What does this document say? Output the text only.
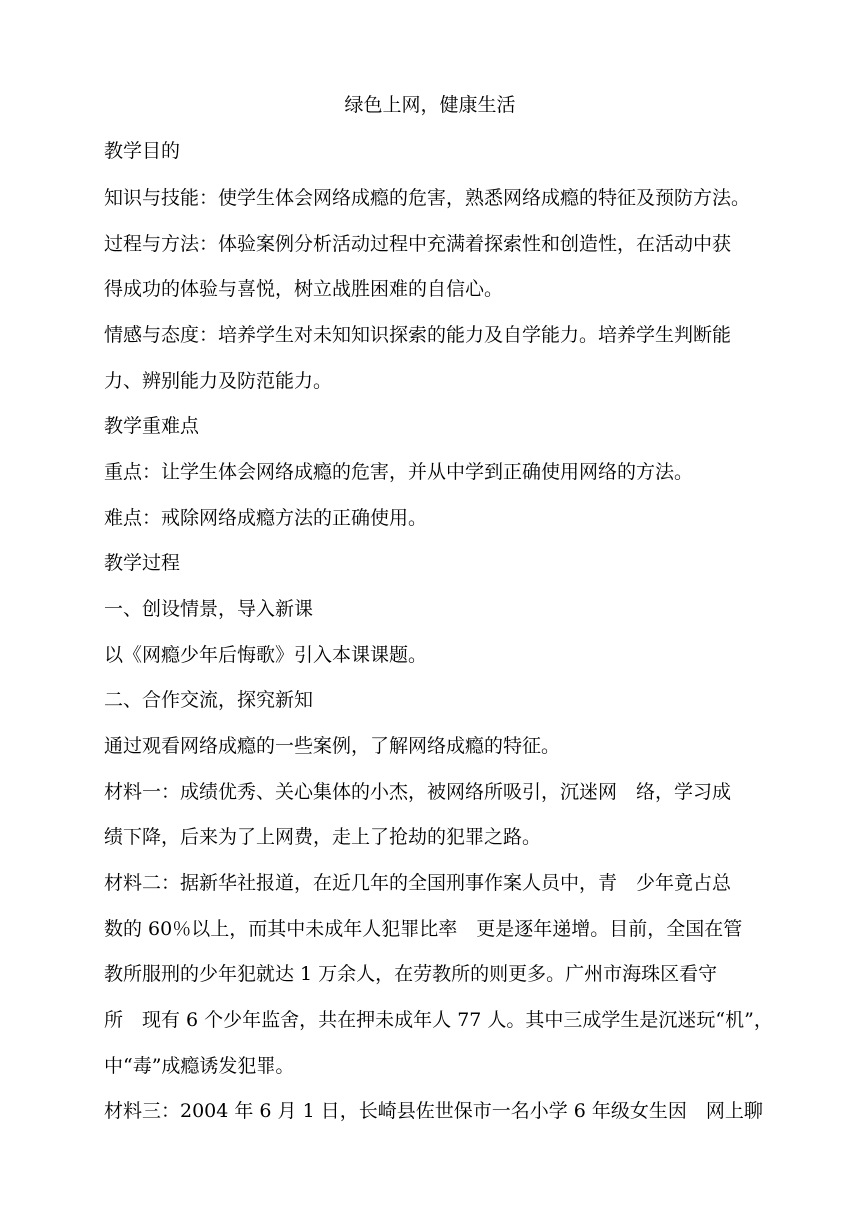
绿色上网，健康生活
教学目的
知识与技能：使学生体会网络成瘾的危害，熟悉网络成瘾的特征及预防方法。
过程与方法：体验案例分析活动过程中充满着探索性和创造性，在活动中获
得成功的体验与喜悦，树立战胜困难的自信心。
情感与态度：培养学生对未知知识探索的能力及自学能力。培养学生判断能
力、辨别能力及防范能力。
教学重难点
重点：让学生体会网络成瘾的危害，并从中学到正确使用网络的方法。
难点：戒除网络成瘾方法的正确使用。
教学过程
一、创设情景，导入新课
以《网瘾少年后悔歌》引入本课课题。
二、合作交流，探究新知
通过观看网络成瘾的一些案例，了解网络成瘾的特征。
材料一：成绩优秀、关心集体的小杰，被网络所吸引，沉迷网　络，学习成
绩下降，后来为了上网费，走上了抢劫的犯罪之路。
材料二：据新华社报道，在近几年的全国刑事作案人员中，青　少年竟占总
数的 60％以上，而其中未成年人犯罪比率　更是逐年递增。目前，全国在管
教所服刑的少年犯就达 1 万余人，在劳教所的则更多。广州市海珠区看守
所　现有 6 个少年监舍，共在押未成年人 77 人。其中三成学生是沉迷玩“机”，
中“毒”成瘾诱发犯罪。
材料三：2004 年 6 月 1 日，长崎县佐世保市一名小学 6 年级女生因　网上聊
